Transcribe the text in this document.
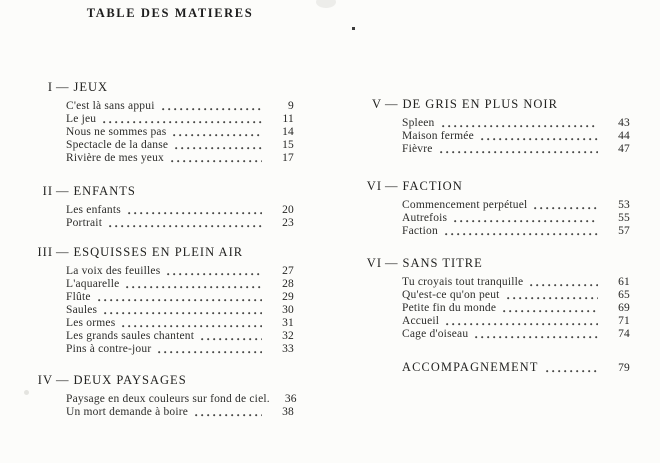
TABLE DES MATIERES
I — JEUX
C'est là sans appui	9
Le jeu	11
Nous ne sommes pas	14
Spectacle de la danse	15
Rivière de mes yeux	17
II — ENFANTS
Les enfants	20
Portrait	23
III — ESQUISSES EN PLEIN AIR
La voix des feuilles	27
L'aquarelle	28
Flûte	29
Saules	30
Les ormes	31
Les grands saules chantent	32
Pins à contre-jour	33
IV — DEUX PAYSAGES
Paysage en deux couleurs sur fond de ciel. 36
Un mort demande à boire	38
V — DE GRIS EN PLUS NOIR
Spleen	43
Maison fermée	44
Fièvre	47
VI — FACTION
Commencement perpétuel	53
Autrefois	55
Faction	57
VI — SANS TITRE
Tu croyais tout tranquille	61
Qu'est-ce qu'on peut	65
Petite fin du monde	69
Accueil	71
Cage d'oiseau	74
ACCOMPAGNEMENT	79
